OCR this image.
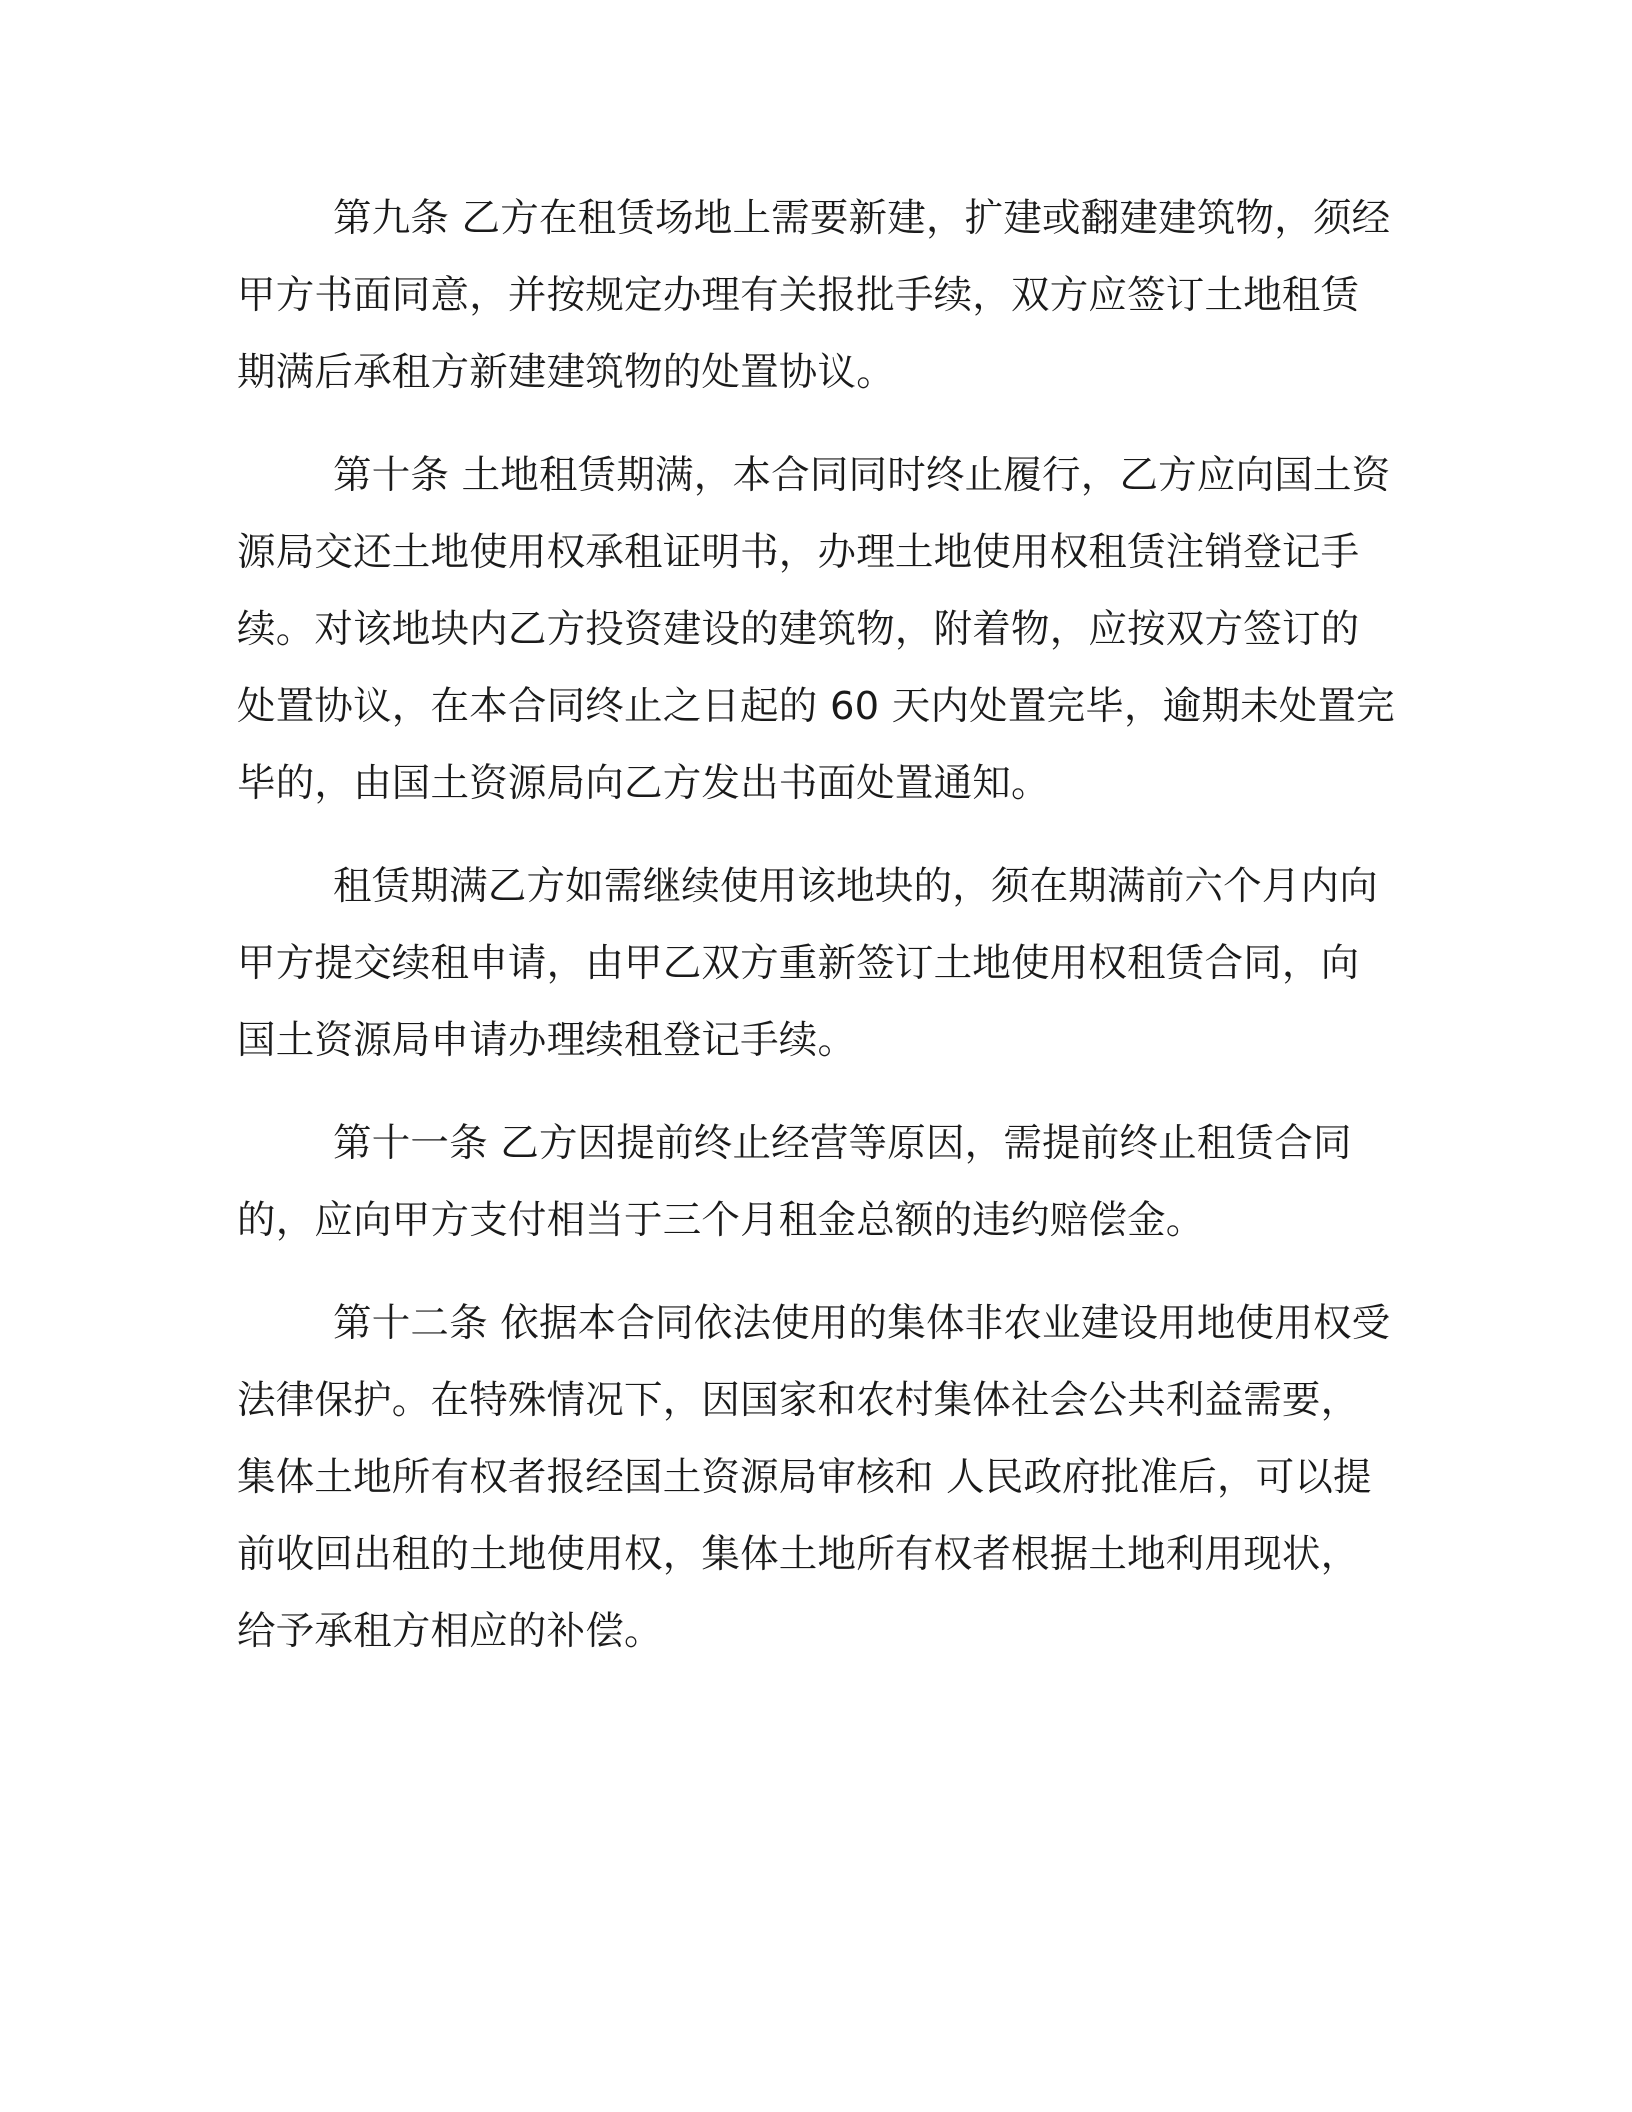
第九条 乙方在租赁场地上需要新建，扩建或翻建建筑物，须经甲方书面同意，并按规定办理有关报批手续，双方应签订土地租赁期满后承租方新建建筑物的处置协议。

第十条 土地租赁期满，本合同同时终止履行，乙方应向国土资源局交还土地使用权承租证明书，办理土地使用权租赁注销登记手续。对该地块内乙方投资建设的建筑物，附着物，应按双方签订的处置协议，在本合同终止之日起的 60 天内处置完毕，逾期未处置完毕的，由国土资源局向乙方发出书面处置通知。

租赁期满乙方如需继续使用该地块的，须在期满前六个月内向甲方提交续租申请，由甲乙双方重新签订土地使用权租赁合同，向国土资源局申请办理续租登记手续。

第十一条 乙方因提前终止经营等原因，需提前终止租赁合同的，应向甲方支付相当于三个月租金总额的违约赔偿金。

第十二条 依据本合同依法使用的集体非农业建设用地使用权受法律保护。在特殊情况下，因国家和农村集体社会公共利益需要，集体土地所有权者报经国土资源局审核和 人民政府批准后，可以提前收回出租的土地使用权，集体土地所有权者根据土地利用现状，给予承租方相应的补偿。
